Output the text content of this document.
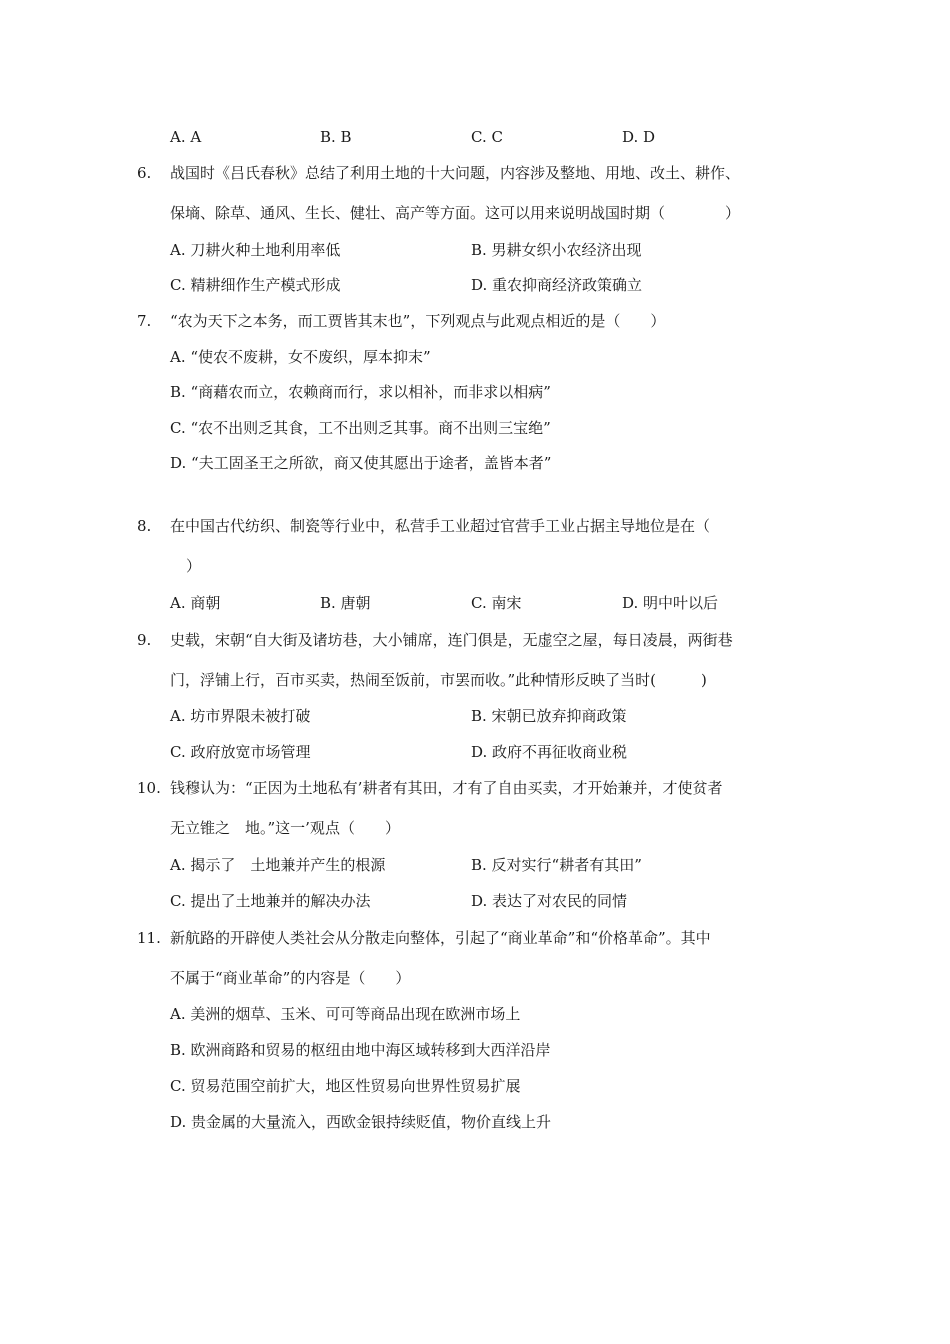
A. A	B. B	C. C	D. D
6. 战国时《吕氏春秋》总结了利用土地的十大问题，内容涉及整地、用地、改土、耕作、
保墒、除草、通风、生长、健壮、高产等方面。这可以用来说明战国时期（　　　　）
A. 刀耕火种土地利用率低	B. 男耕女织小农经济出现
C. 精耕细作生产模式形成	D. 重农抑商经济政策确立
7. “农为天下之本务，而工贾皆其末也”，下列观点与此观点相近的是（　　）
A. “使农不废耕，女不废织，厚本抑末”
B. “商藉农而立，农赖商而行，求以相补，而非求以相病”
C. “农不出则乏其食，工不出则乏其事。商不出则三宝绝”
D. “夫工固圣王之所欲，商又使其愿出于途者，盖皆本者”
8. 在中国古代纺织、制瓷等行业中，私营手工业超过官营手工业占据主导地位是在（
）
A. 商朝	B. 唐朝	C. 南宋	D. 明中叶以后
9. 史载，宋朝“自大街及诸坊巷，大小铺席，连门俱是，无虚空之屋，每日凌晨，两街巷
门，浮铺上行，百市买卖，热闹至饭前，市罢而收。”此种情形反映了当时(　　　)
A. 坊市界限未被打破	B. 宋朝已放弃抑商政策
C. 政府放宽市场管理	D. 政府不再征收商业税
10. 钱穆认为：“正因为土地私有’耕者有其田，才有了自由买卖，才开始兼并，才使贫者
无立锥之　地。”这一’观点（　　）
A. 揭示了　土地兼并产生的根源	B. 反对实行“耕者有其田”
C. 提出了土地兼并的解决办法	D. 表达了对农民的同情
11. 新航路的开辟使人类社会从分散走向整体，引起了“商业革命”和“价格革命”。其中
不属于“商业革命”的内容是（　　）
A. 美洲的烟草、玉米、可可等商品出现在欧洲市场上
B. 欧洲商路和贸易的枢纽由地中海区域转移到大西洋沿岸
C. 贸易范围空前扩大，地区性贸易向世界性贸易扩展
D. 贵金属的大量流入，西欧金银持续贬值，物价直线上升
